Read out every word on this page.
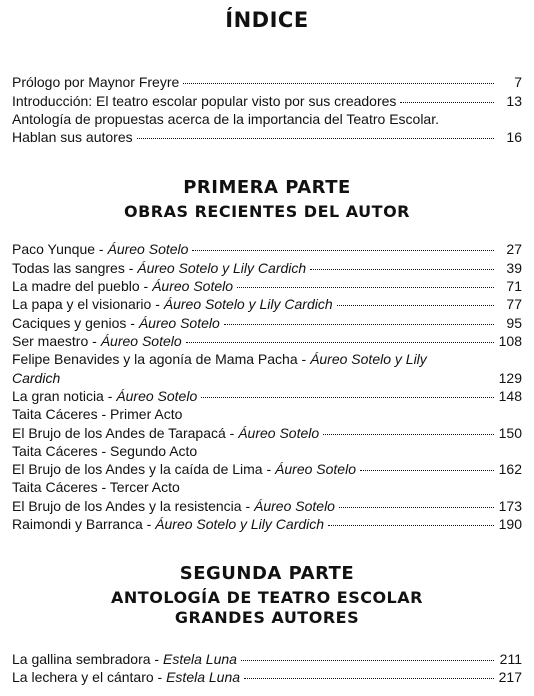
ÍNDICE
Prólogo por Maynor Freyre	7
Introducción: El teatro escolar popular visto por sus creadores	13
Antología de propuestas acerca de la importancia del Teatro Escolar.
Hablan sus autores	16
PRIMERA PARTE
OBRAS RECIENTES DEL AUTOR
Paco Yunque - Áureo Sotelo	27
Todas las sangres - Áureo Sotelo y Lily Cardich	39
La madre del pueblo - Áureo Sotelo	71
La papa y el visionario - Áureo Sotelo y Lily Cardich	77
Caciques y genios - Áureo Sotelo	95
Ser maestro - Áureo Sotelo	108
Felipe Benavides y la agonía de Mama Pacha - Áureo Sotelo y Lily
Cardich	129
La gran noticia - Áureo Sotelo	148
Taita Cáceres - Primer Acto
El Brujo de los Andes de Tarapacá - Áureo Sotelo	150
Taita Cáceres - Segundo Acto
El Brujo de los Andes y la caída de Lima - Áureo Sotelo	162
Taita Cáceres - Tercer Acto
El Brujo de los Andes y la resistencia - Áureo Sotelo	173
Raimondi y Barranca - Áureo Sotelo y Lily Cardich	190
SEGUNDA PARTE
ANTOLOGÍA DE TEATRO ESCOLAR
GRANDES AUTORES
La gallina sembradora - Estela Luna	211
La lechera y el cántaro - Estela Luna	217
